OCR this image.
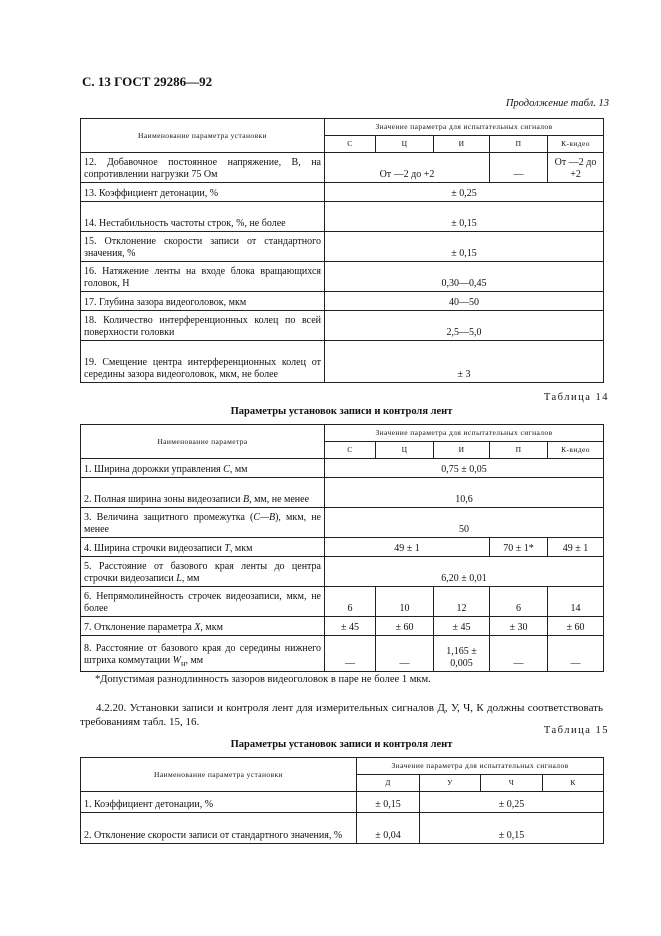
С. 13 ГОСТ 29286—92
Продолжение табл. 13
Наименование параметра установки	Значение параметра для испытательных сигналов				
	С	Ц	И	П	К-видео
12. Добавочное постоянное напряжение, В, на сопротивлении нагрузки 75 Ом	От —2 до +2			—	От —2 до +2
13. Коэффициент детонации, %	± 0,25				
14. Нестабильность частоты строк, %, не более	± 0,15				
15. Отклонение скорости записи от стандартного значения, %	± 0,15				
16. Натяжение ленты на входе блока вращающихся головок, Н	0,30—0,45				
17. Глубина зазора видеоголовок, мкм	40—50				
18. Количество интерференционных колец по всей поверхности головки	2,5—5,0				
19. Смещение центра интерференционных колец от середины зазора видеоголовок, мкм, не более	± 3				
Таблица 14
Параметры установок записи и контроля лент
Наименование параметра	Значение параметра для испытательных сигналов				
	С	Ц	И	П	К-видео
1. Ширина дорожки управления С, мм	0,75 ± 0,05				
2. Полная ширина зоны видеозаписи В, мм, не менее	10,6				
3. Величина защитного промежутка (С—В), мкм, не менее	50				
4. Ширина строчки видеозаписи Т, мкм	49 ± 1			70 ± 1*	49 ± 1
5. Расстояние от базового края ленты до центра строчки видеозаписи L, мм	6,20 ± 0,01				
6. Непрямолинейность строчек видеозаписи, мкм, не более	6	10	12	6	14
7. Отклонение параметра Х, мкм	± 45	± 60	± 45	± 30	± 60
8. Расстояние от базового края до середины нижнего штриха коммутации $W_н$, мм	—	—	1,165 ± 0,005	—	—
*Допустимая разнодлинность зазоров видеоголовок в паре не более 1 мкм.
4.2.20. Установки записи и контроля лент для измерительных сигналов Д, У, Ч, К должны соответствовать требованиям табл. 15, 16.
Таблица 15
Параметры установок записи и контроля лент
Наименование параметра установки	Значение параметра для испытательных сигналов			
	Д	У	Ч	К
1. Коэффициент детонации, %	± 0,15	± 0,25		
2. Отклонение скорости записи от стандартного значения, %	± 0,04	± 0,15		
